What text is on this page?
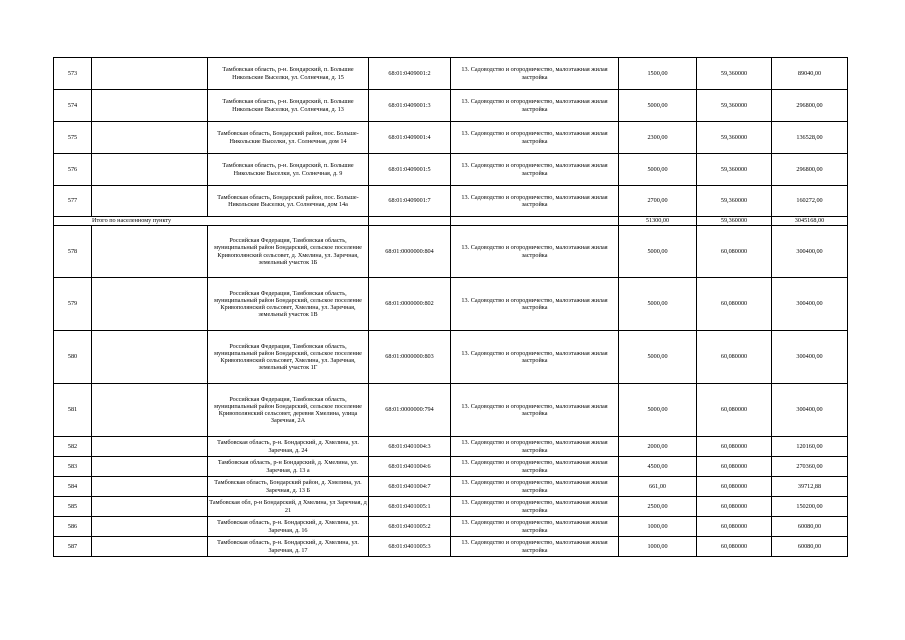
573		Тамбовская область, р-н. Бондарский, п. Большие Никольские Выселки, ул. Солнечная, д. 15	68:01:0409001:2	13. Садоводство и огородничество, малоэтажная жилая застройка	1500,00	59,360000	89040,00
574		Тамбовская область, р-н. Бондарский, п. Большие Никольские Выселки, ул. Солнечная, д. 13	68:01:0409001:3	13. Садоводство и огородничество, малоэтажная жилая застройка	5000,00	59,360000	296800,00
575		Тамбовская область, Бондарский район, пос. Больше-Никольские Выселки, ул. Солнечная, дом 14	68:01:0409001:4	13. Садоводство и огородничество, малоэтажная жилая застройка	2300,00	59,360000	136528,00
576		Тамбовская область, р-н. Бондарский, п. Большие Никольские Выселки, ул. Солнечная, д. 9	68:01:0409001:5	13. Садоводство и огородничество, малоэтажная жилая застройка	5000,00	59,360000	296800,00
577		Тамбовская область, Бондарский район, пос. Больше-Никольские Выселки, ул. Солнечная, дом 14а	68:01:0409001:7	13. Садоводство и огородничество, малоэтажная жилая застройка	2700,00	59,360000	160272,00
Итого по населенному пункту					51300,00	59,360000	3045168,00
578		Российская Федерация, Тамбовская область, муниципальный район Бондарский, сельское поселение Кривополянский сельсовет, д. Хмелина, ул. Заречная, земельный участок 1Б	68:01:0000000:804	13. Садоводство и огородничество, малоэтажная жилая застройка	5000,00	60,080000	300400,00
579		Российская Федерация, Тамбовская область, муниципальный район Бондарский, сельское поселение Кривополянский сельсовет, Хмелина, ул. Заречная, земельный участок 1В	68:01:0000000:802	13. Садоводство и огородничество, малоэтажная жилая застройка	5000,00	60,080000	300400,00
580		Российская Федерация, Тамбовская область, муниципальный район Бондарский, сельское поселение Кривополянский сельсовет, Хмелина, ул. Заречная, земельный участок 1Г	68:01:0000000:803	13. Садоводство и огородничество, малоэтажная жилая застройка	5000,00	60,080000	300400,00
581		Российская Федерация, Тамбовская область, муниципальный район Бондарский, сельское поселение Кривополянский сельсовет, деревня Хмелина, улица Заречная, 2А	68:01:0000000:794	13. Садоводство и огородничество, малоэтажная жилая застройка	5000,00	60,080000	300400,00
582		Тамбовская область, р-н. Бондарский, д. Хмелина, ул. Заречная, д. 24	68:01:0401004:3	13. Садоводство и огородничество, малоэтажная жилая застройка	2000,00	60,080000	120160,00
583		Тамбовская область, р-н Бондарский, д. Хмелина, ул. Заречная, д. 13 а	68:01:0401004:6	13. Садоводство и огородничество, малоэтажная жилая застройка	4500,00	60,080000	270360,00
584		Тамбовская область, Бондарский район, д. Хмелина, ул. Заречная, д. 13 Б	68:01:0401004:7	13. Садоводство и огородничество, малоэтажная жилая застройка	661,00	60,080000	39712,88
585		Тамбовская обл, р-н Бондарский, д Хмелина, ул Заречная, д 21	68:01:0401005:1	13. Садоводство и огородничество, малоэтажная жилая застройка	2500,00	60,080000	150200,00
586		Тамбовская область, р-н. Бондарский, д. Хмелина, ул. Заречная, д. 16	68:01:0401005:2	13. Садоводство и огородничество, малоэтажная жилая застройка	1000,00	60,080000	60080,00
587		Тамбовская область, р-н. Бондарский, д. Хмелина, ул. Заречная, д. 17	68:01:0401005:3	13. Садоводство и огородничество, малоэтажная жилая застройка	1000,00	60,080000	60080,00
